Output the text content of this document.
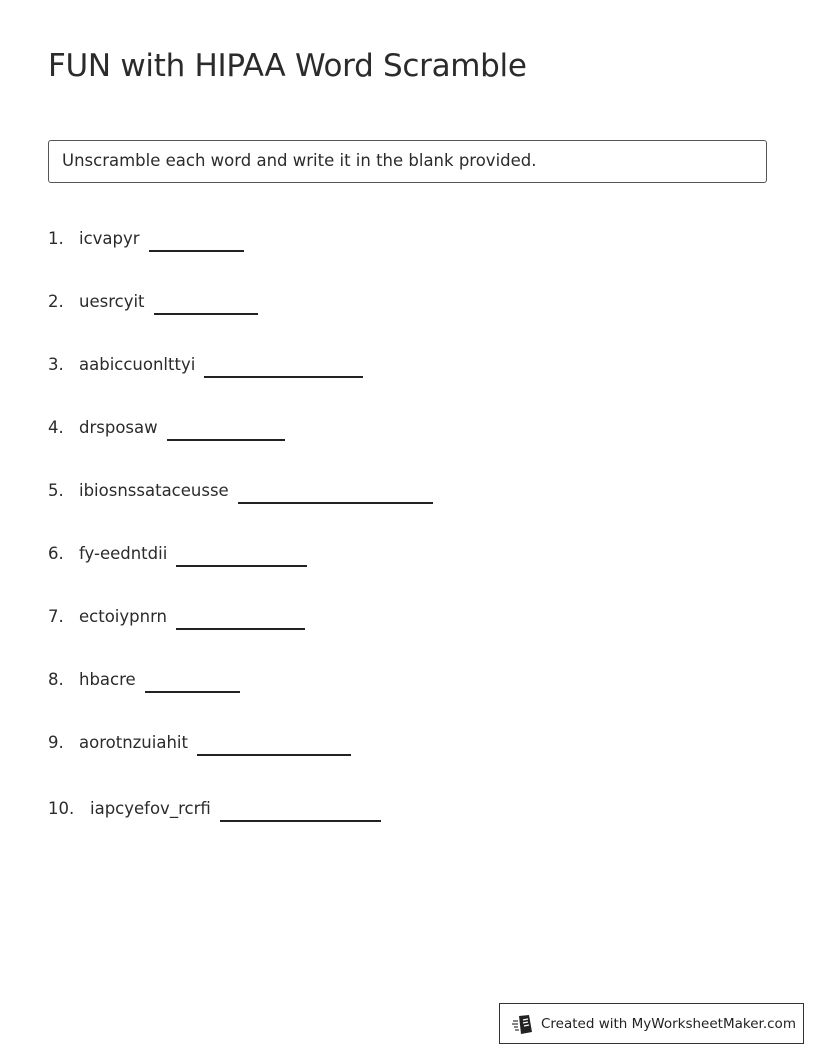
FUN with HIPAA Word Scramble
Unscramble each word and write it in the blank provided.
1. icvapyr
2. uesrcyit
3. aabiccuonlttyi
4. drsposaw
5. ibiosnssataceusse
6. fy-eedntdii
7. ectoiypnrn
8. hbacre
9. aorotnzuiahit
10. iapcyefov_rcrfi
Created with MyWorksheetMaker.com
